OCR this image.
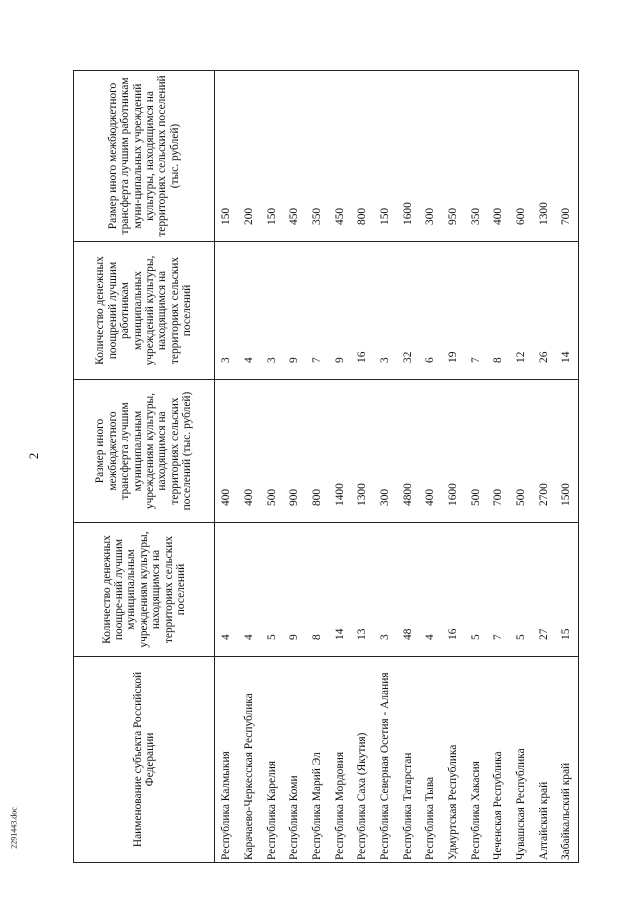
2
2291443.doc	Наименование субъекта Российской Федерации	Количество денежных поощре-ний лучшим муниципальным учреждениям культуры, находящимся на территориях сельских поселений	Размер иного межбюджетного трансферта лучшим муниципальным учреждениям культуры, находящимся на территориях сельских поселений (тыс. рублей)	Количество денежных поощрений лучшим работникам муниципальных учреждений культуры, находящимся на территориях сельских поселений	Размер иного межбюджетного трансферта лучшим работникам муни-ципальных учреждений культуры, находящимся на территориях сельских поселений (тыс. рублей)
Республика Калмыкия	4	400	3	150
Карачаево-Черкесская Республика	4	400	4	200
Республика Карелия	5	500	3	150
Республика Коми	9	900	9	450
Республика Марий Эл	8	800	7	350
Республика Мордовия	14	1400	9	450
Республика Саха (Якутия)	13	1300	16	800
Республика Северная Осетия - Алания	3	300	3	150
Республика Татарстан	48	4800	32	1600
Республика Тыва	4	400	6	300
Удмуртская Республика	16	1600	19	950
Республика Хакасия	5	500	7	350
Чеченская Республика	7	700	8	400
Чувашская Республика	5	500	12	600
Алтайский край	27	2700	26	1300
Забайкальский край	15	1500	14	700
